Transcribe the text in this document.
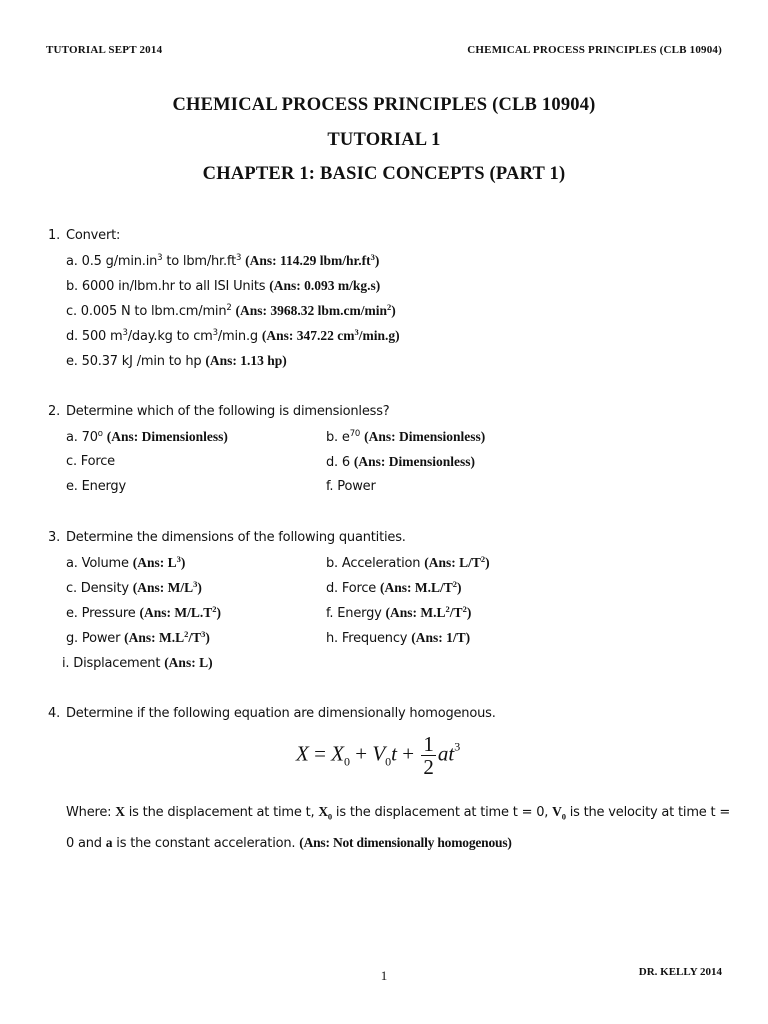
TUTORIAL SEPT 2014	CHEMICAL PROCESS PRINCIPLES (CLB 10904)
CHEMICAL PROCESS PRINCIPLES (CLB 10904)
TUTORIAL 1
CHAPTER 1: BASIC CONCEPTS (PART 1)
1. Convert:
a. 0.5 $g/\min.in^3$ to lbm/$hr.ft^3$ (Ans: 114.29 lbm/$hr.ft^3$)
b. 6000 in/lbm.hr to all ISI Units (Ans: 0.093 m/kg.s)
c. 0.005 N to $lbm.cm/\min^2$ (Ans: 3968.32 $lbm.cm/\min^2$)
d. 500 $m^3/day.kg$ to $cm^3/\min.g$ (Ans: 347.22 $cm^3/\min.g$)
e. 50.37 kJ /min to hp (Ans: 1.13 hp)
2. Determine which of the following is dimensionless?
a. 70$^o$ (Ans: Dimensionless)	b. $e^{70}$ (Ans: Dimensionless)
c. Force	d. 6 (Ans: Dimensionless)
e. Energy	f. Power
3. Determine the dimensions of the following quantities.
a. Volume (Ans: $L^3$)	b. Acceleration (Ans: $L/T^2$)
c. Density (Ans: $M/L^3$)	d. Force (Ans: $M.L/T^2$)
e. Pressure (Ans: $M/L.T^2$)	f. Energy (Ans: $M.L^2/T^2$)
g. Power (Ans: $M.L^2/T^3$)	h. Frequency (Ans: 1/T)
i. Displacement (Ans: L)
4. Determine if the following equation are dimensionally homogenous.
$X = X_0 + V_0t + \frac{1}{2} at^3$
Where: X is the displacement at time t, $X_0$ is the displacement at time t = 0, $V_0$ is the velocity at time t = 0 and a is the constant acceleration. (Ans: Not dimensionally homogenous)
1	DR. KELLY 2014
